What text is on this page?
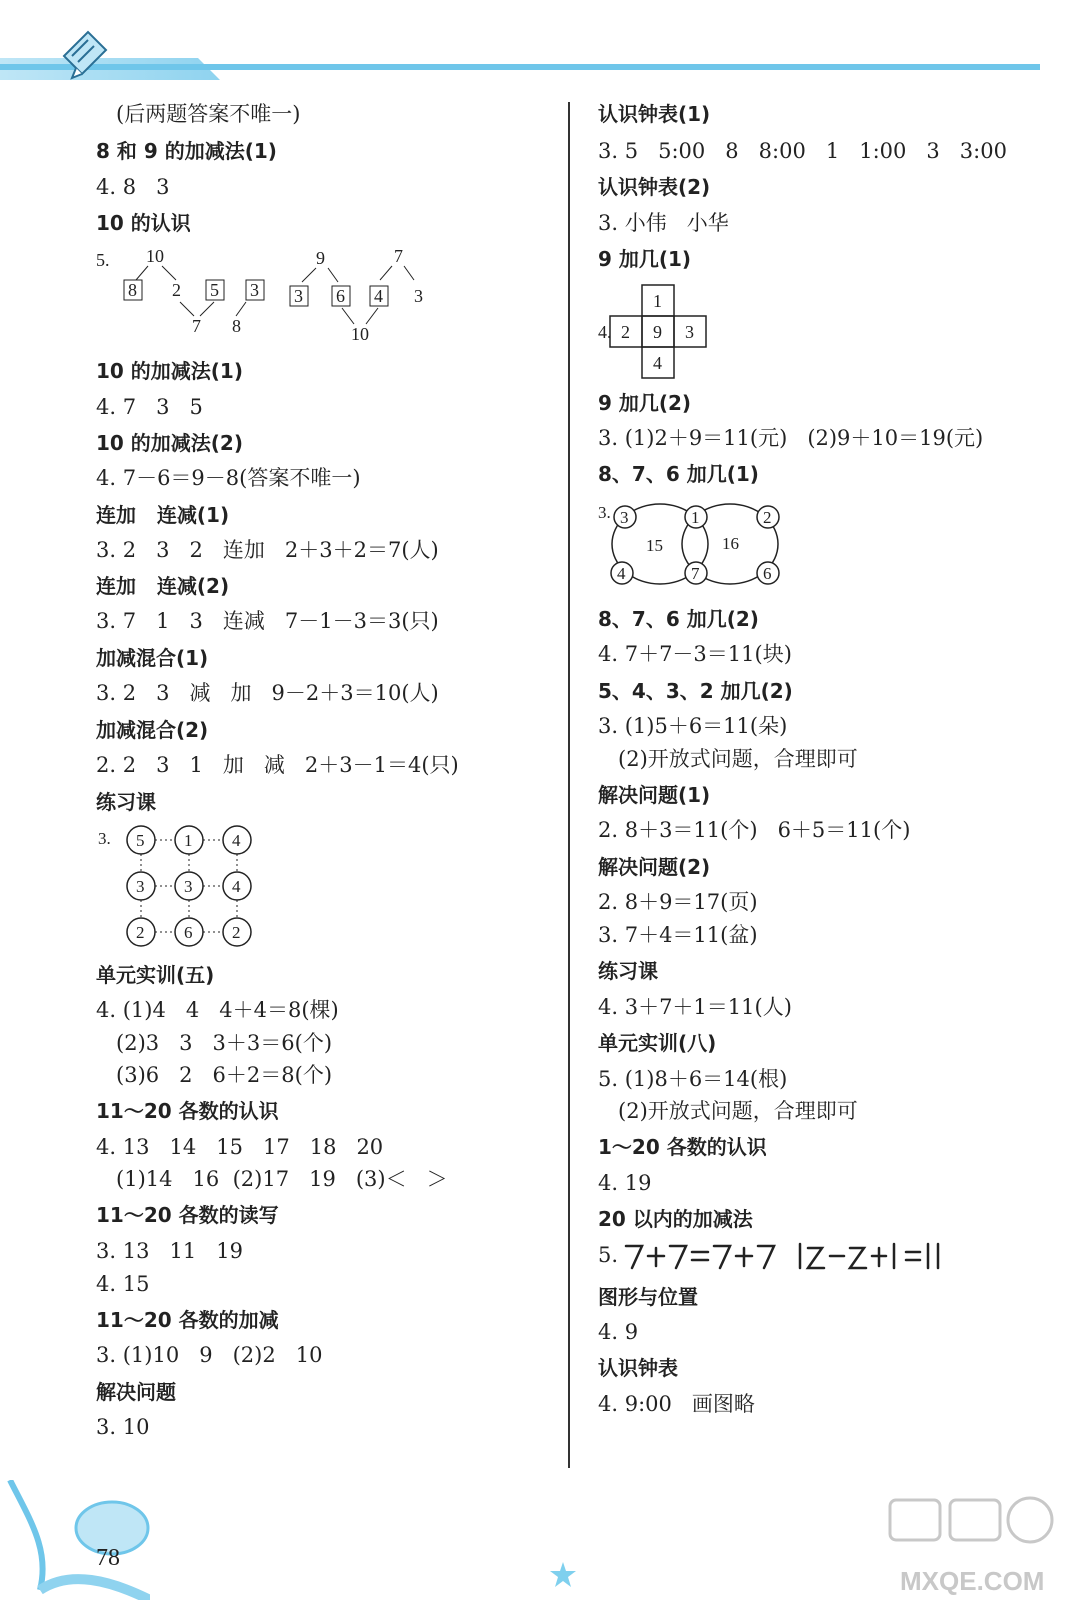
(后两题答案不唯一)
8 和 9 的加减法(1)
4. 8   3
10 的认识
10 的加减法(1)
4. 7   3   5
10 的加减法(2)
4. 7－6＝9－8(答案不唯一)
连加   连减(1)
3. 2   3   2   连加   2＋3＋2＝7(人)
连加   连减(2)
3. 7   1   3   连减   7－1－3＝3(只)
加减混合(1)
3. 2   3   减   加   9－2＋3＝10(人)
加减混合(2)
2. 2   3   1   加   减   2＋3－1＝4(只)
练习课
单元实训(五)
4. (1)4   4   4＋4＝8(棵)
(2)3   3   3＋3＝6(个)
(3)6   2   6＋2＝8(个)
11～20 各数的认识
4. 13   14   15   17   18   20
(1)14   16  (2)17   19   (3)＜   ＞
11～20 各数的读写
3. 13   11   19
4. 15
11～20 各数的加减
3. (1)10   9   (2)2   10
解决问题
3. 10
认识钟表(1)
3. 5   5:00   8   8:00   1   1:00   3   3:00
认识钟表(2)
3. 小伟   小华
9 加几(1)
9 加几(2)
3. (1)2＋9＝11(元)   (2)9＋10＝19(元)
8、7、6 加几(1)
8、7、6 加几(2)
4. 7＋7－3＝11(块)
5、4、3、2 加几(2)
3. (1)5＋6＝11(朵)
(2)开放式问题，合理即可
解决问题(1)
2. 8＋3＝11(个)   6＋5＝11(个)
解决问题(2)
2. 8＋9＝17(页)
3. 7＋4＝11(盆)
练习课
4. 3＋7＋1＝11(人)
单元实训(八)
5. (1)8＋6＝14(根)
(2)开放式问题，合理即可
1～20 各数的认识
4. 19
20 以内的加减法
5.
图形与位置
4. 9
认识钟表
4. 9:00   画图略
5. 10
8 2 5 3
7 8
9	7
3 6 4 3
10
3. 5 1 4
3 3 4
2 6 2
4.
1
2 9 3
4
3. 3	1	2
4	7	6
15	16
78
MXQE.COM
